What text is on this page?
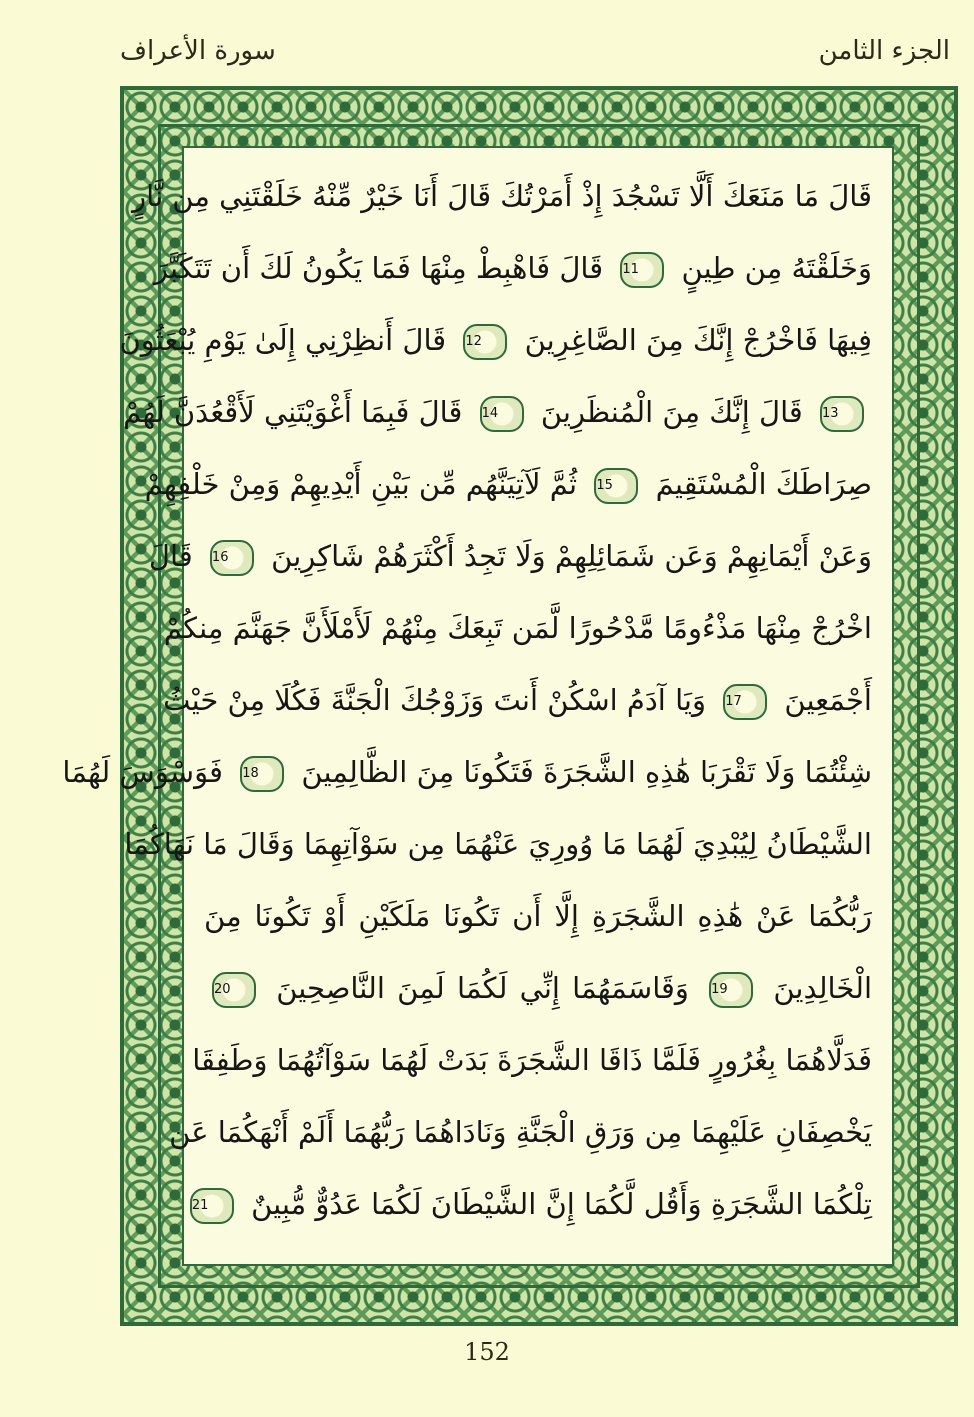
الجزء الثامن
سورة الأعراف
قَالَ مَا مَنَعَكَ أَلَّا تَسْجُدَ إِذْ أَمَرْتُكَ قَالَ أَنَا خَيْرٌ مِّنْهُ خَلَقْتَنِي مِن نَّارٍ
وَخَلَقْتَهُ مِن طِينٍ 11 قَالَ فَاهْبِطْ مِنْهَا فَمَا يَكُونُ لَكَ أَن تَتَكَبَّرَ
فِيهَا فَاخْرُجْ إِنَّكَ مِنَ الصَّاغِرِينَ 12 قَالَ أَنظِرْنِي إِلَىٰ يَوْمِ يُبْعَثُونَ
13 قَالَ إِنَّكَ مِنَ الْمُنظَرِينَ 14 قَالَ فَبِمَا أَغْوَيْتَنِي لَأَقْعُدَنَّ لَهُمْ
صِرَاطَكَ الْمُسْتَقِيمَ 15 ثُمَّ لَآتِيَنَّهُم مِّن بَيْنِ أَيْدِيهِمْ وَمِنْ خَلْفِهِمْ
وَعَنْ أَيْمَانِهِمْ وَعَن شَمَائِلِهِمْ وَلَا تَجِدُ أَكْثَرَهُمْ شَاكِرِينَ 16 قَالَ
اخْرُجْ مِنْهَا مَذْءُومًا مَّدْحُورًا لَّمَن تَبِعَكَ مِنْهُمْ لَأَمْلَأَنَّ جَهَنَّمَ مِنكُمْ
أَجْمَعِينَ 17 وَيَا آدَمُ اسْكُنْ أَنتَ وَزَوْجُكَ الْجَنَّةَ فَكُلَا مِنْ حَيْثُ
شِئْتُمَا وَلَا تَقْرَبَا هَٰذِهِ الشَّجَرَةَ فَتَكُونَا مِنَ الظَّالِمِينَ 18 فَوَسْوَسَ لَهُمَا
الشَّيْطَانُ لِيُبْدِيَ لَهُمَا مَا وُورِيَ عَنْهُمَا مِن سَوْآتِهِمَا وَقَالَ مَا نَهَاكُمَا
رَبُّكُمَا عَنْ هَٰذِهِ الشَّجَرَةِ إِلَّا أَن تَكُونَا مَلَكَيْنِ أَوْ تَكُونَا مِنَ
الْخَالِدِينَ 19 وَقَاسَمَهُمَا إِنِّي لَكُمَا لَمِنَ النَّاصِحِينَ 20
فَدَلَّاهُمَا بِغُرُورٍ فَلَمَّا ذَاقَا الشَّجَرَةَ بَدَتْ لَهُمَا سَوْآتُهُمَا وَطَفِقَا
يَخْصِفَانِ عَلَيْهِمَا مِن وَرَقِ الْجَنَّةِ وَنَادَاهُمَا رَبُّهُمَا أَلَمْ أَنْهَكُمَا عَن
تِلْكُمَا الشَّجَرَةِ وَأَقُل لَّكُمَا إِنَّ الشَّيْطَانَ لَكُمَا عَدُوٌّ مُّبِينٌ 21
152
